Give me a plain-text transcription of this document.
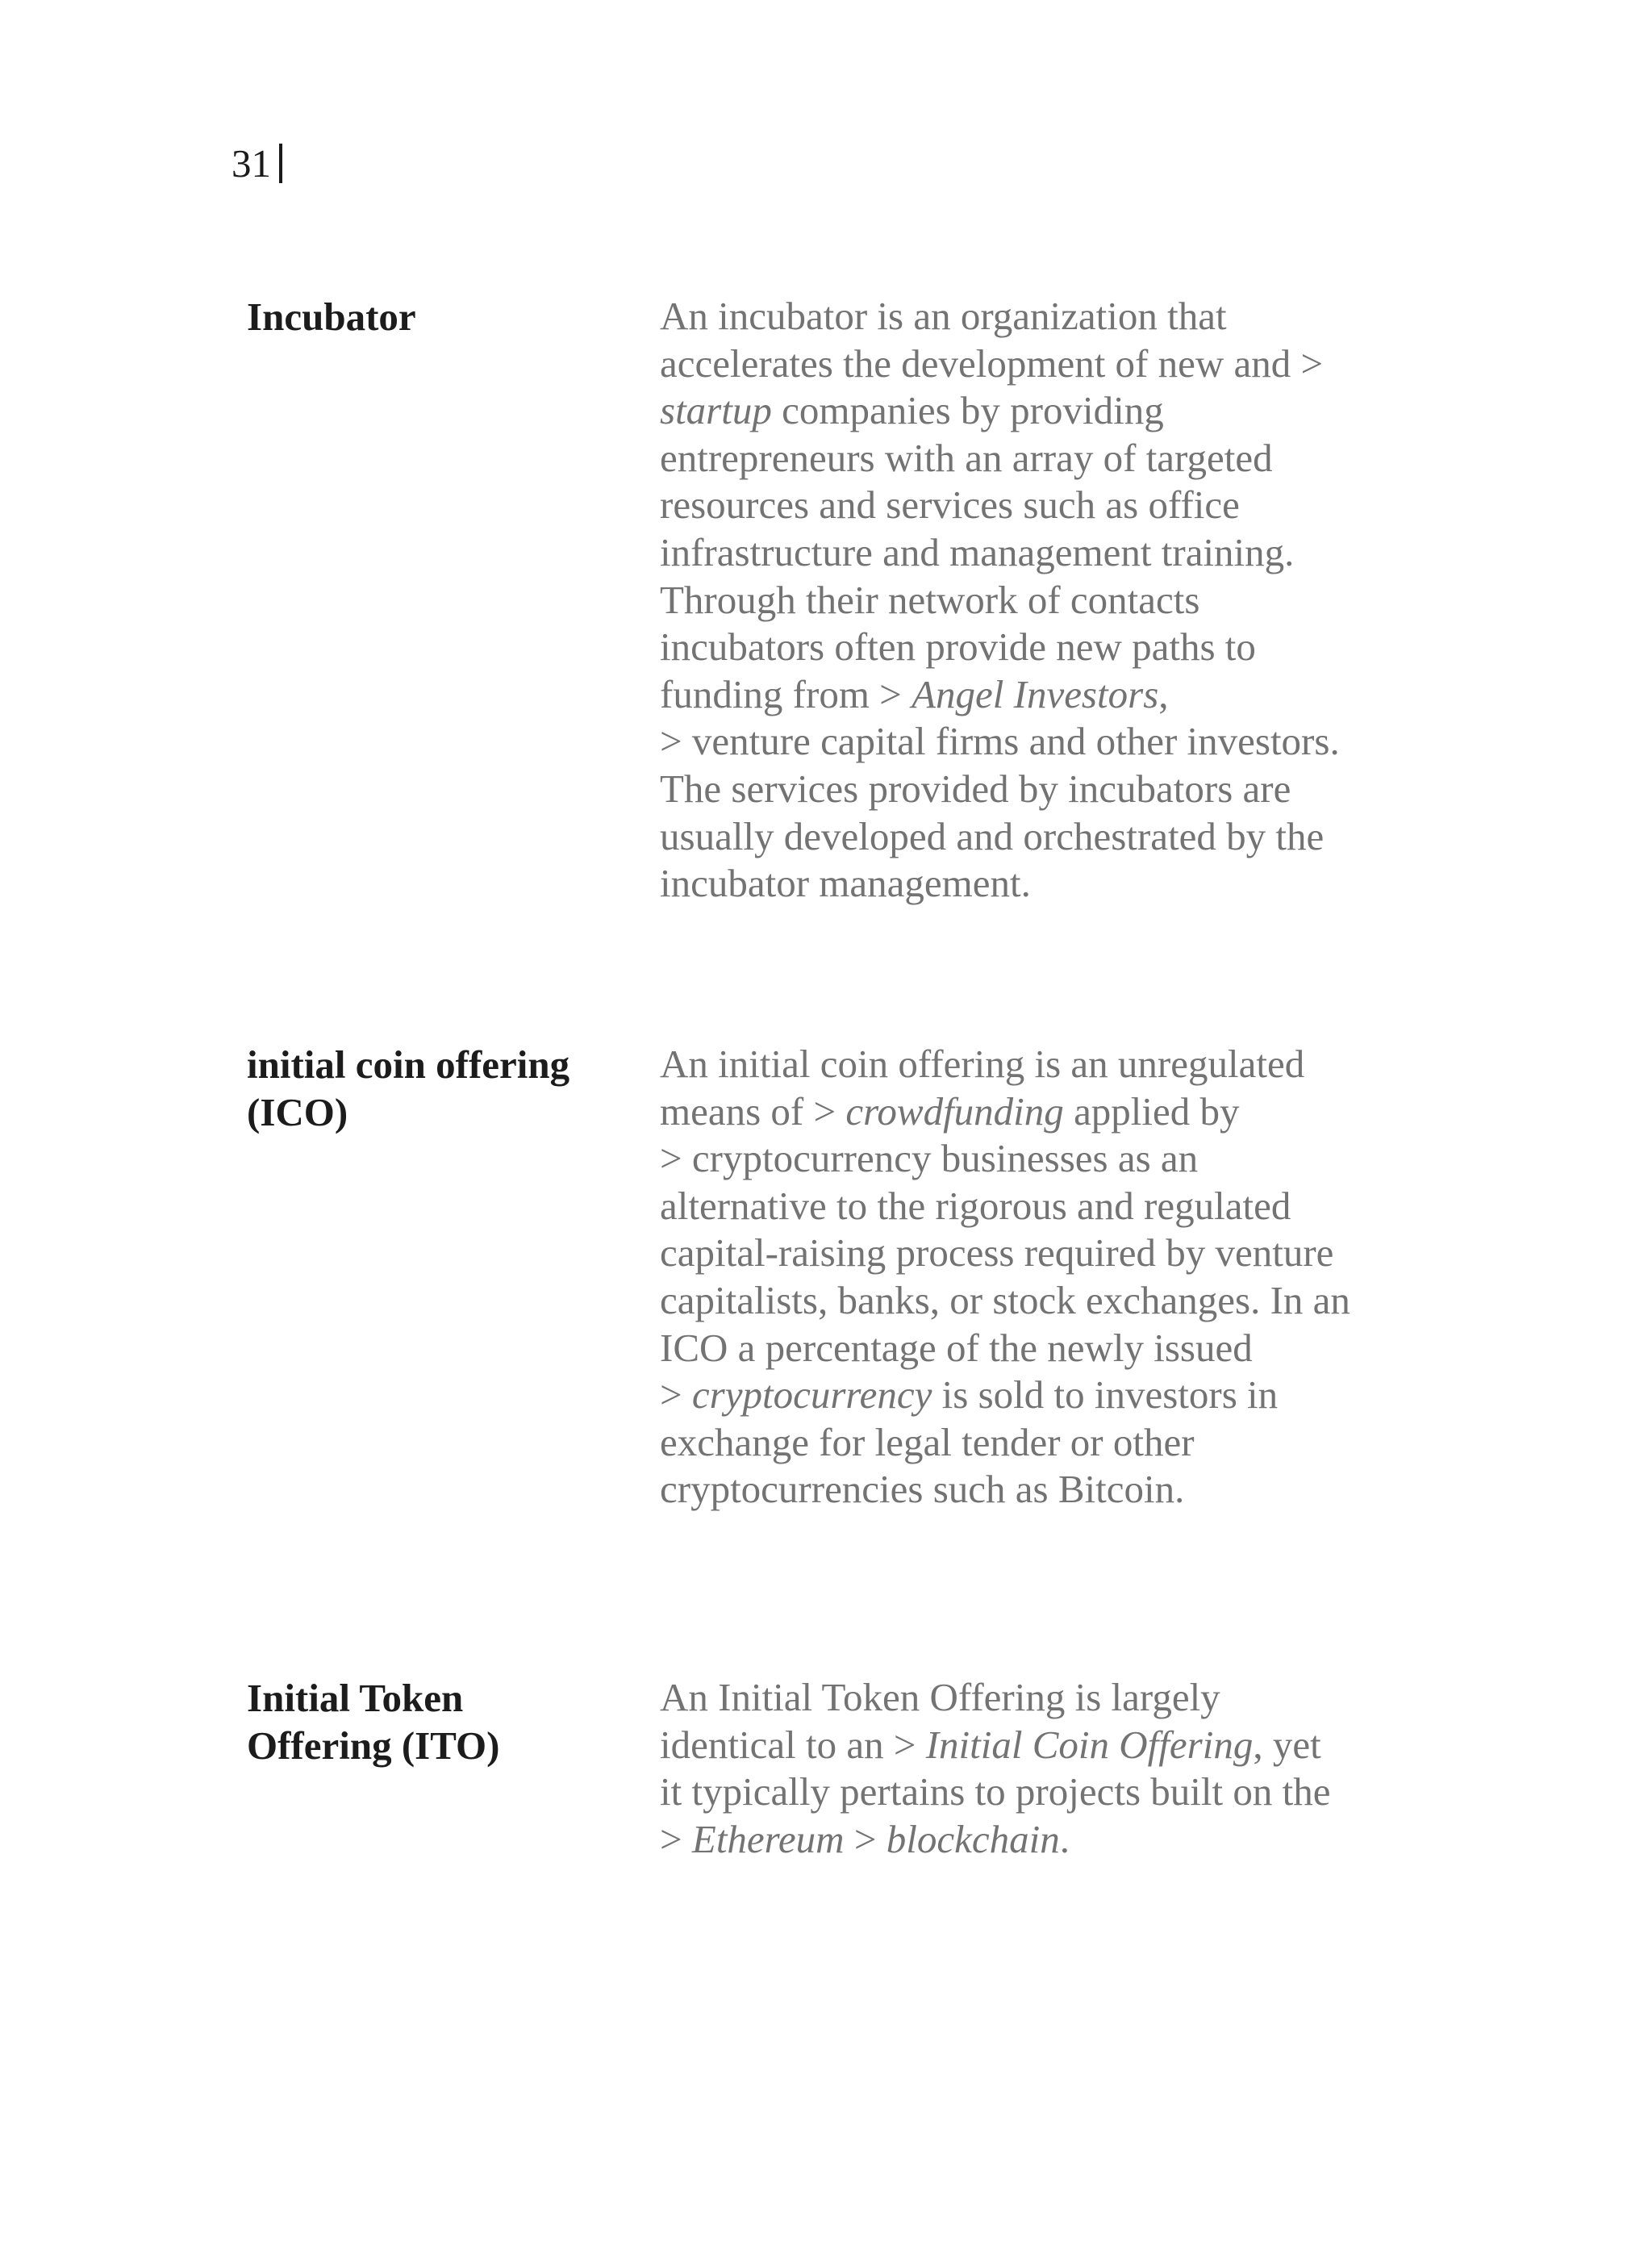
31

Incubator	An incubator is an organization that
accelerates the development of new and >
startup companies by providing
entrepreneurs with an array of targeted
resources and services such as office
infrastructure and management training.
Through their network of contacts
incubators often provide new paths to
funding from > Angel Investors,
> venture capital firms and other investors.
The services provided by incubators are
usually developed and orchestrated by the
incubator management.

initial coin offering
(ICO)

An initial coin offering is an unregulated
means of > crowdfunding applied by
> cryptocurrency businesses as an
alternative to the rigorous and regulated
capital-raising process required by venture
capitalists, banks, or stock exchanges. In an
ICO a percentage of the newly issued
> cryptocurrency is sold to investors in
exchange for legal tender or other
cryptocurrencies such as Bitcoin.

Initial Token
Offering (ITO)

An Initial Token Offering is largely
identical to an > Initial Coin Offering, yet
it typically pertains to projects built on the
> Ethereum > blockchain.
